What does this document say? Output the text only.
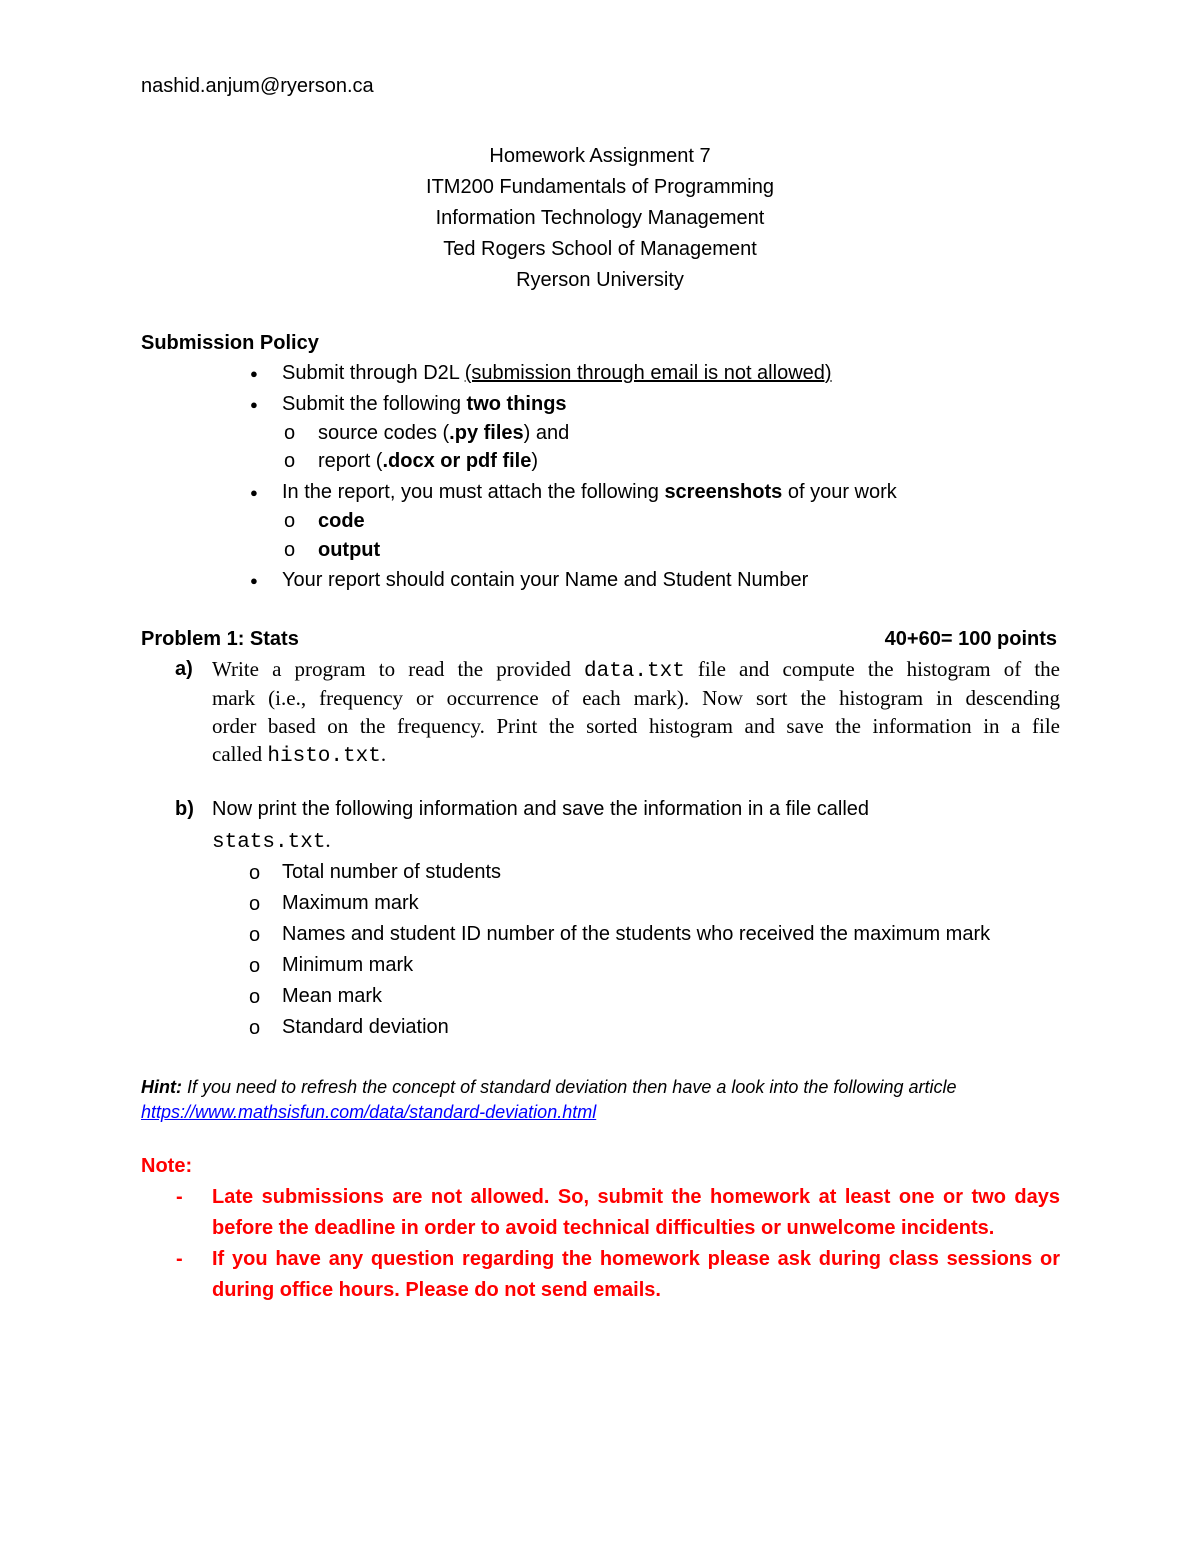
nashid.anjum@ryerson.ca
Homework Assignment 7
ITM200 Fundamentals of Programming
Information Technology Management
Ted Rogers School of Management
Ryerson University
Submission Policy
● Submit through D2L (submission through email is not allowed)
● Submit the following two things
o source codes (.py files) and
o report (.docx or pdf file)
● In the report, you must attach the following screenshots of your work
o code
o output
● Your report should contain your Name and Student Number
Problem 1: Stats	40+60= 100 points
a) Write a program to read the provided data.txt file and compute the histogram of the
mark (i.e., frequency or occurrence of each mark). Now sort the histogram in descending
order based on the frequency. Print the sorted histogram and save the information in a file
called histo.txt.
b) Now print the following information and save the information in a file called
stats.txt.
o Total number of students
o Maximum mark
o Names and student ID number of the students who received the maximum mark
o Minimum mark
o Mean mark
o Standard deviation
Hint: If you need to refresh the concept of standard deviation then have a look into the following article
https://www.mathsisfun.com/data/standard-deviation.html
Note:
- Late submissions are not allowed. So, submit the homework at least one or two days
before the deadline in order to avoid technical difficulties or unwelcome incidents.
- If you have any question regarding the homework please ask during class sessions or
during office hours. Please do not send emails.
